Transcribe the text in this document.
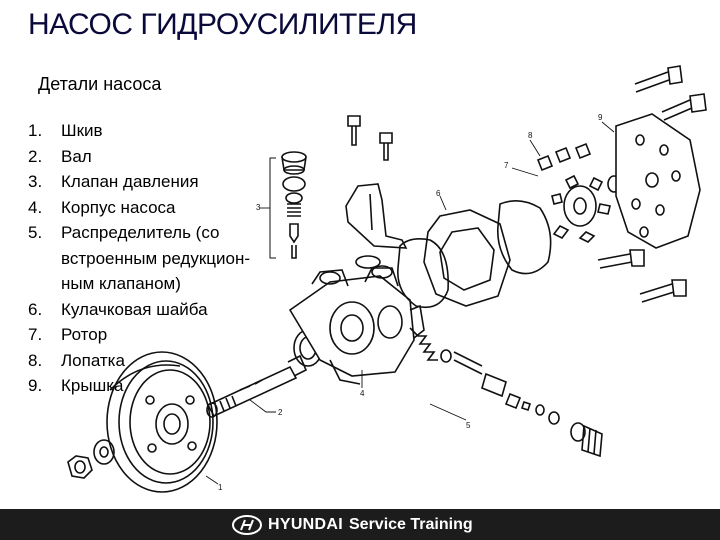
НАСОС ГИДРОУСИЛИТЕЛЯ
Детали насоса
1.	Шкив
2.	Вал
3.	Клапан давления
4.	Корпус насоса
5.	Распределитель (со встроенным редукцион-ным клапаном)
6.	Кулачковая шайба
7.	Ротор
8.	Лопатка
9.	Крышка
1
2
3
4
5
6
7
8
9
HYUNDAI Service Training
